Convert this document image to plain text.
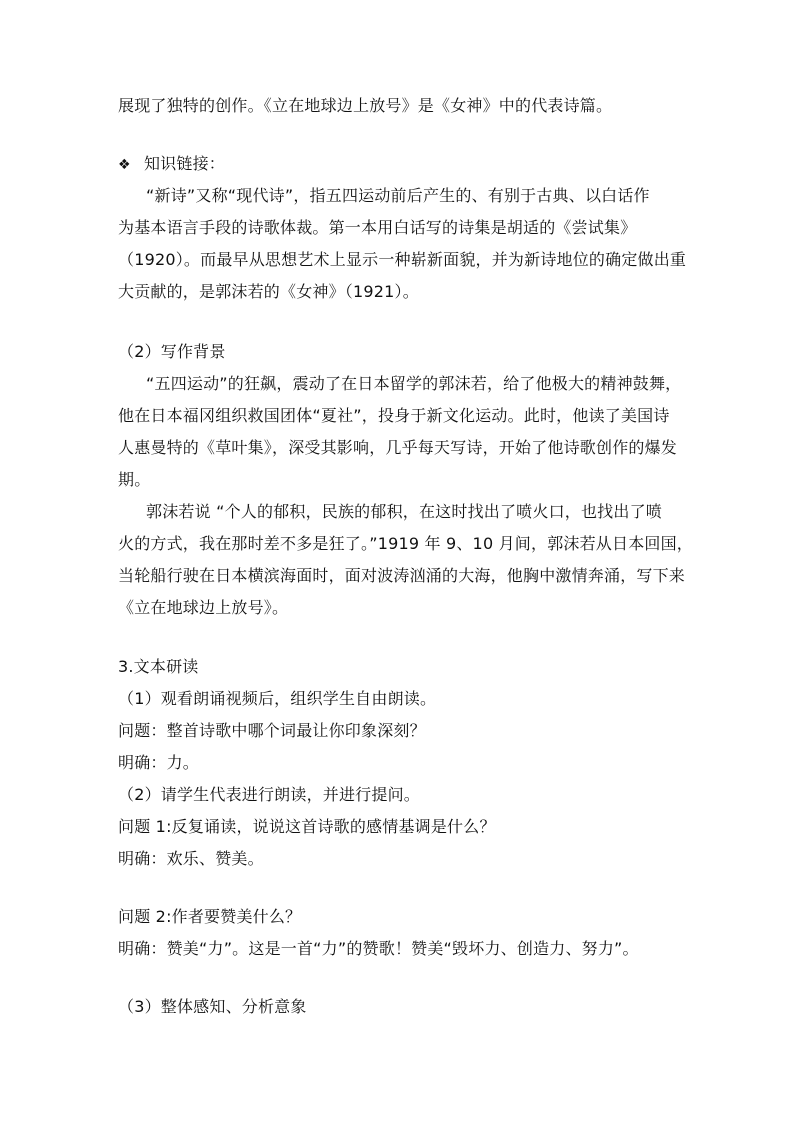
展现了独特的创作。《立在地球边上放号》是《女神》中的代表诗篇。
❖ 知识链接：
“新诗”又称“现代诗”，指五四运动前后产生的、有别于古典、以白话作
为基本语言手段的诗歌体裁。第一本用白话写的诗集是胡适的《尝试集》
（1920）。而最早从思想艺术上显示一种崭新面貌，并为新诗地位的确定做出重
大贡献的，是郭沫若的《女神》（1921）。
（2）写作背景
“五四运动”的狂飙，震动了在日本留学的郭沫若，给了他极大的精神鼓舞，
他在日本福冈组织救国团体“夏社”，投身于新文化运动。此时，他读了美国诗
人惠曼特的《草叶集》，深受其影响，几乎每天写诗，开始了他诗歌创作的爆发
期。
郭沫若说 “个人的郁积，民族的郁积，在这时找出了喷火口，也找出了喷
火的方式，我在那时差不多是狂了。”1919 年 9、10 月间，郭沫若从日本回国，
当轮船行驶在日本横滨海面时，面对波涛汹涌的大海，他胸中激情奔涌，写下来
《立在地球边上放号》。
3.文本研读
（1）观看朗诵视频后，组织学生自由朗读。
问题：整首诗歌中哪个词最让你印象深刻？
明确：力。
（2）请学生代表进行朗读，并进行提问。
问题 1:反复诵读，说说这首诗歌的感情基调是什么？
明确：欢乐、赞美。
问题 2:作者要赞美什么？
明确：赞美“力”。这是一首“力”的赞歌！赞美“毁坏力、创造力、努力”。
（3）整体感知、分析意象
